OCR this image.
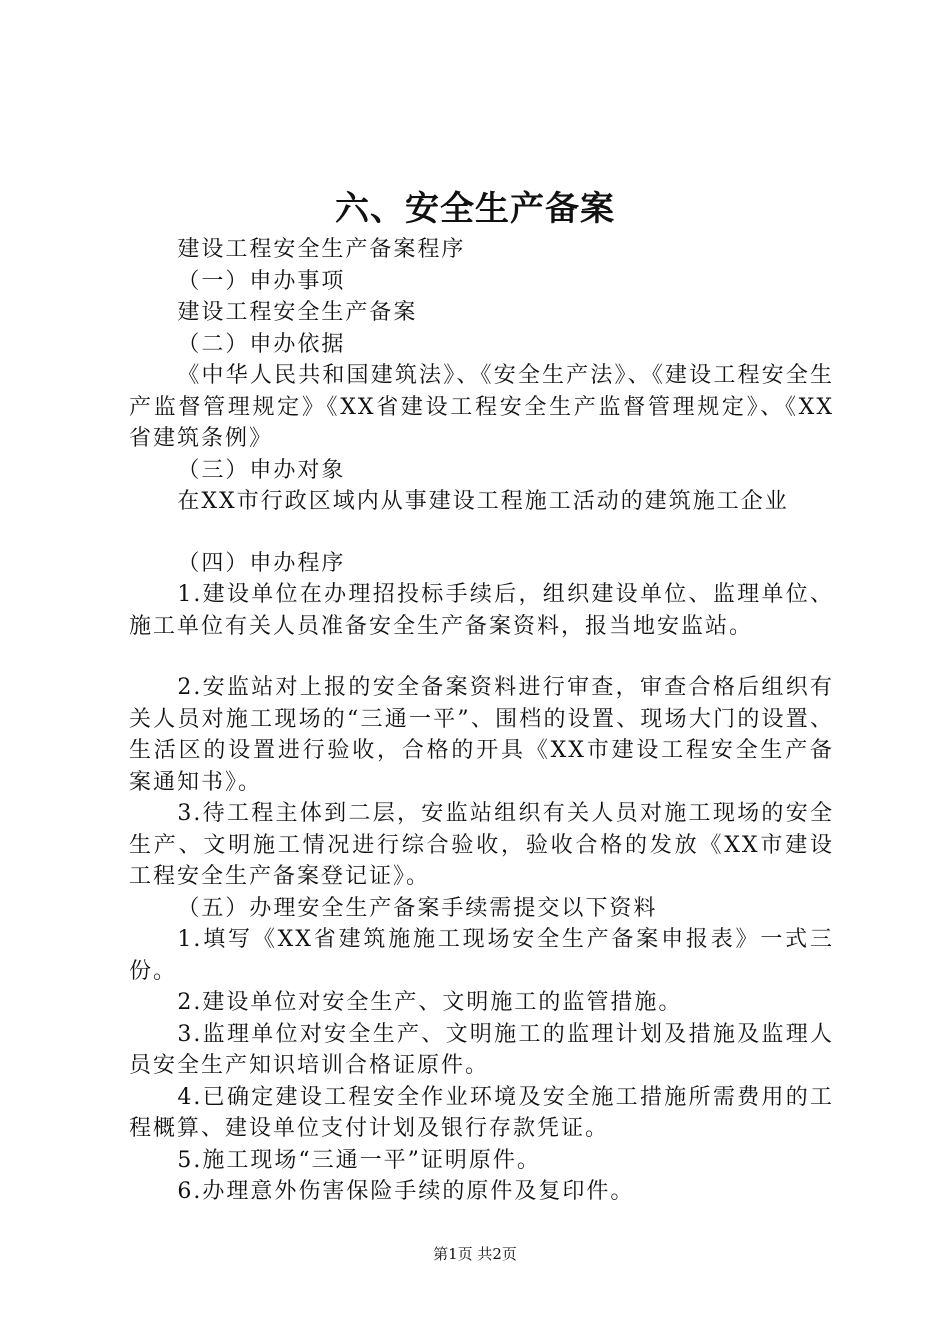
六、安全生产备案

建设工程安全生产备案程序

（一）申办事项

建设工程安全生产备案

（二）申办依据

《中华人民共和国建筑法》、《安全生产法》、《建设工程安全生产监督管理规定》《XX省建设工程安全生产监督管理规定》、《XX省建筑条例》

（三）申办对象

在XX市行政区域内从事建设工程施工活动的建筑施工企业

（四）申办程序

1.建设单位在办理招投标手续后，组织建设单位、监理单位、施工单位有关人员准备安全生产备案资料，报当地安监站。

2.安监站对上报的安全备案资料进行审查，审查合格后组织有关人员对施工现场的“三通一平”、围档的设置、现场大门的设置、生活区的设置进行验收，合格的开具《XX市建设工程安全生产备案通知书》。

3.待工程主体到二层，安监站组织有关人员对施工现场的安全生产、文明施工情况进行综合验收，验收合格的发放《XX市建设工程安全生产备案登记证》。

（五）办理安全生产备案手续需提交以下资料

1.填写《XX省建筑施施工现场安全生产备案申报表》一式三份。

2.建设单位对安全生产、文明施工的监管措施。

3.监理单位对安全生产、文明施工的监理计划及措施及监理人员安全生产知识培训合格证原件。

4.已确定建设工程安全作业环境及安全施工措施所需费用的工程概算、建设单位支付计划及银行存款凭证。

5.施工现场“三通一平”证明原件。

6.办理意外伤害保险手续的原件及复印件。

第1页 共2页
